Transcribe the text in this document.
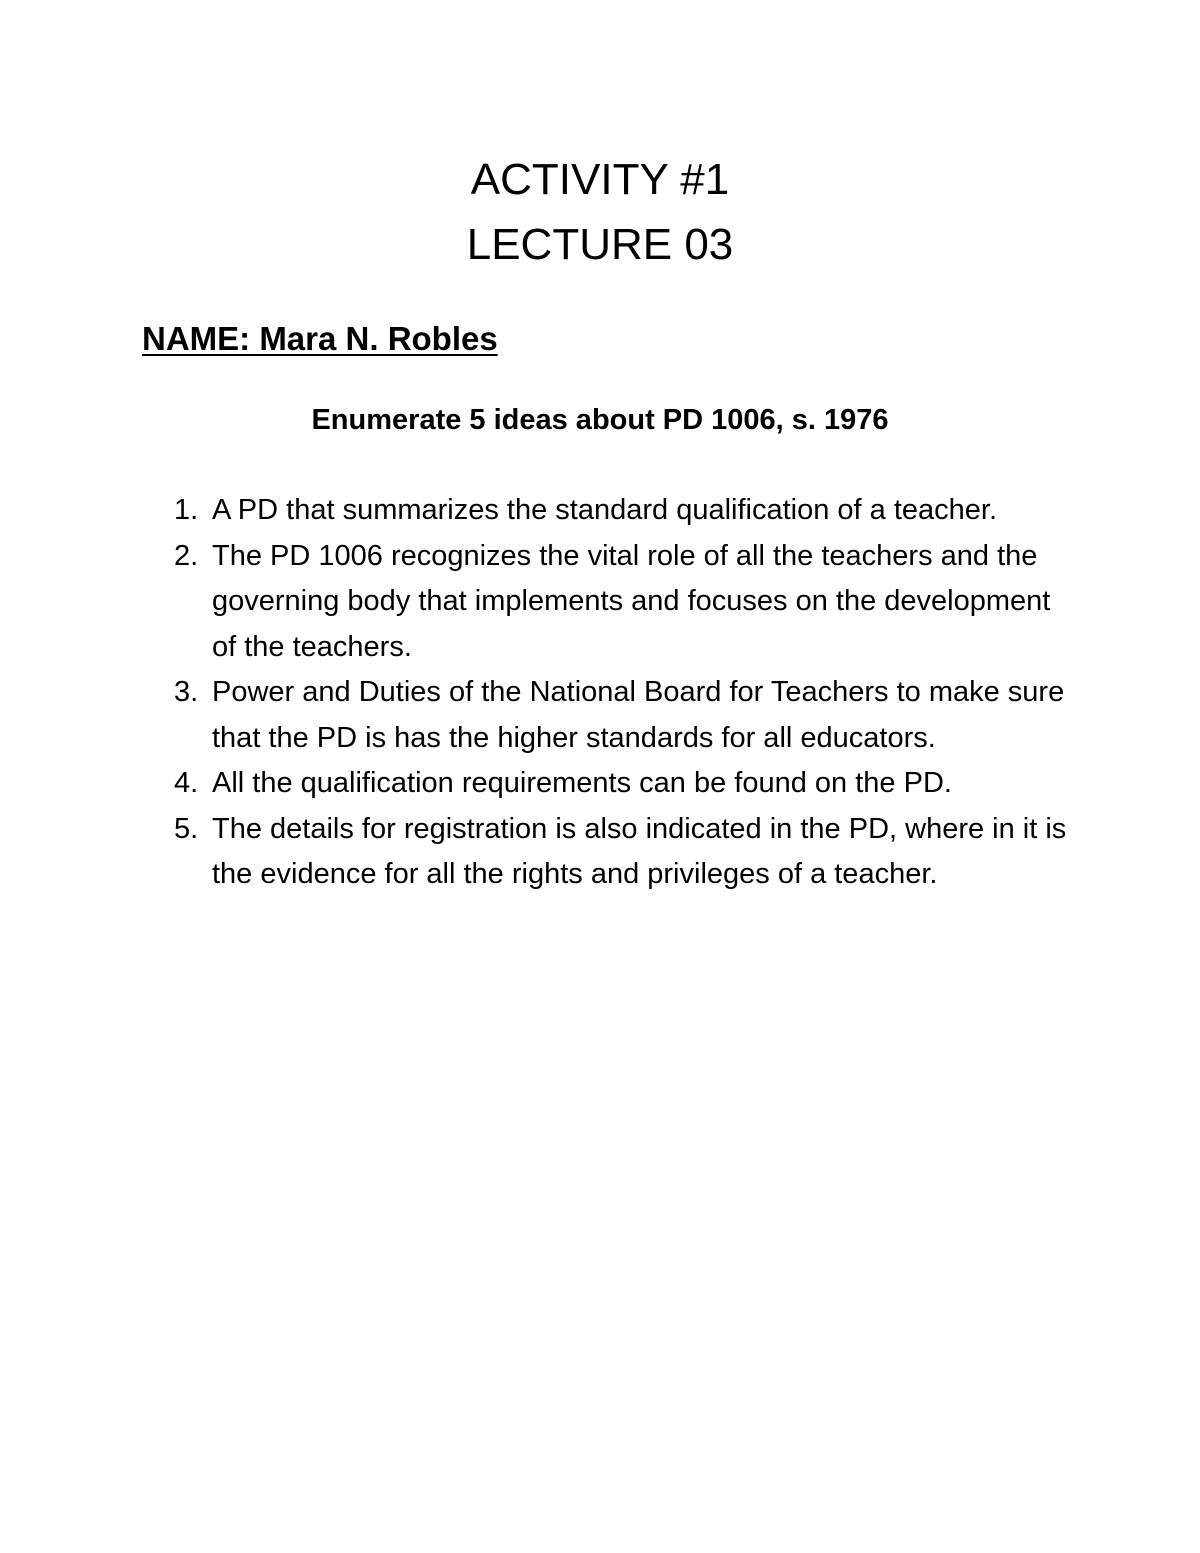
ACTIVITY #1
LECTURE 03
NAME: Mara N. Robles
Enumerate 5 ideas about PD 1006, s. 1976
1. A PD that summarizes the standard qualification of a teacher.
2. The PD 1006 recognizes the vital role of all the teachers and the governing body that implements and focuses on the development of the teachers.
3. Power and Duties of the National Board for Teachers to make sure that the PD is has the higher standards for all educators.
4. All the qualification requirements can be found on the PD.
5. The details for registration is also indicated in the PD, where in it is the evidence for all the rights and privileges of a teacher.
